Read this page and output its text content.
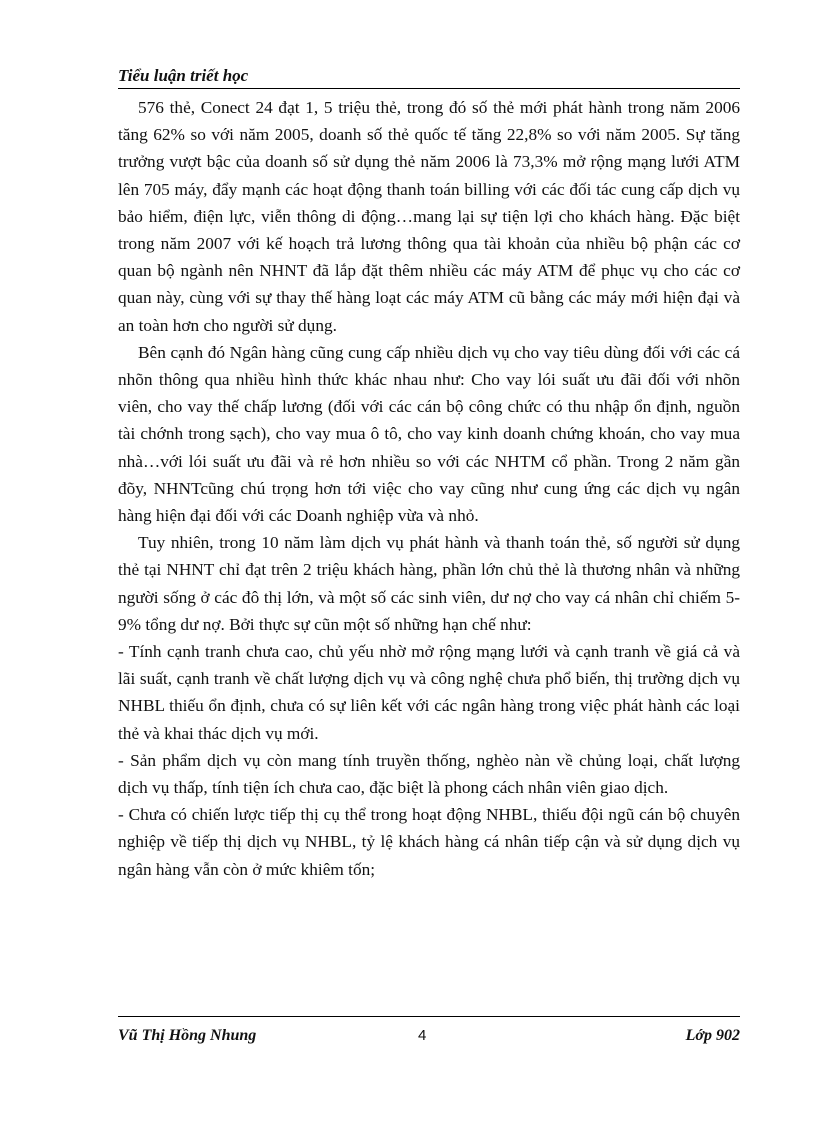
Tiểu luận triết học

576 thẻ, Conect 24 đạt 1, 5 triệu thẻ, trong đó số thẻ mới phát hành trong năm 2006 tăng 62% so với năm 2005, doanh số thẻ quốc tế tăng 22,8% so với năm 2005. Sự tăng trưởng vượt bậc của doanh số sử dụng thẻ năm 2006 là 73,3% mở rộng mạng lưới ATM lên 705 máy, đẩy mạnh các hoạt động thanh toán billing với các đối tác cung cấp dịch vụ bảo hiểm, điện lực, viễn thông di động…mang lại sự tiện lợi cho khách hàng. Đặc biệt trong năm 2007 với kế hoạch trả lương thông qua tài khoản của nhiều bộ phận các cơ quan bộ ngành nên NHNT đã lắp đặt thêm nhiều các máy ATM để phục vụ cho các cơ quan này, cùng với sự thay thế hàng loạt các máy ATM cũ bằng các máy mới hiện đại và an toàn hơn cho người sử dụng.

Bên cạnh đó Ngân hàng cũng cung cấp nhiều dịch vụ cho vay tiêu dùng đối với các cá nhõn thông qua nhiều hình thức khác nhau như: Cho vay lói suất ưu đãi đối với nhõn viên, cho vay thế chấp lương (đối với các cán bộ công chức có thu nhập ổn định, nguồn tài chớnh trong sạch), cho vay mua ô tô, cho vay kinh doanh chứng khoán, cho vay mua nhà…với lói suất ưu đãi và rẻ hơn nhiều so với các NHTM cổ phần. Trong 2 năm gần đõy, NHNTcũng chú trọng hơn tới việc cho vay cũng như cung ứng các dịch vụ ngân hàng hiện đại đối với các Doanh nghiệp vừa và nhỏ.

Tuy nhiên, trong 10 năm làm dịch vụ phát hành và thanh toán thẻ, số người sử dụng thẻ tại NHNT chỉ đạt trên 2 triệu khách hàng, phần lớn chủ thẻ là thương nhân và những người sống ở các đô thị lớn, và một số các sinh viên, dư nợ cho vay cá nhân chỉ chiếm 5-9% tổng dư nợ. Bởi thực sự cũn một số những hạn chế như:

- Tính cạnh tranh chưa cao, chủ yếu nhờ mở rộng mạng lưới và cạnh tranh về giá cả và lãi suất, cạnh tranh về chất lượng dịch vụ và công nghệ chưa phổ biến, thị trường dịch vụ NHBL thiếu ổn định, chưa có sự liên kết với các ngân hàng trong việc phát hành các loại thẻ và khai thác dịch vụ mới.

- Sản phẩm dịch vụ còn mang tính truyền thống, nghèo nàn về chủng loại, chất lượng dịch vụ thấp, tính tiện ích chưa cao, đặc biệt là phong cách nhân viên giao dịch.

- Chưa có chiến lược tiếp thị cụ thể trong hoạt động NHBL, thiếu đội ngũ cán bộ chuyên nghiệp về tiếp thị dịch vụ NHBL, tỷ lệ khách hàng cá nhân tiếp cận và sử dụng dịch vụ ngân hàng vẫn còn ở mức khiêm tốn;

Vũ Thị Hồng Nhung	4	Lớp 902
